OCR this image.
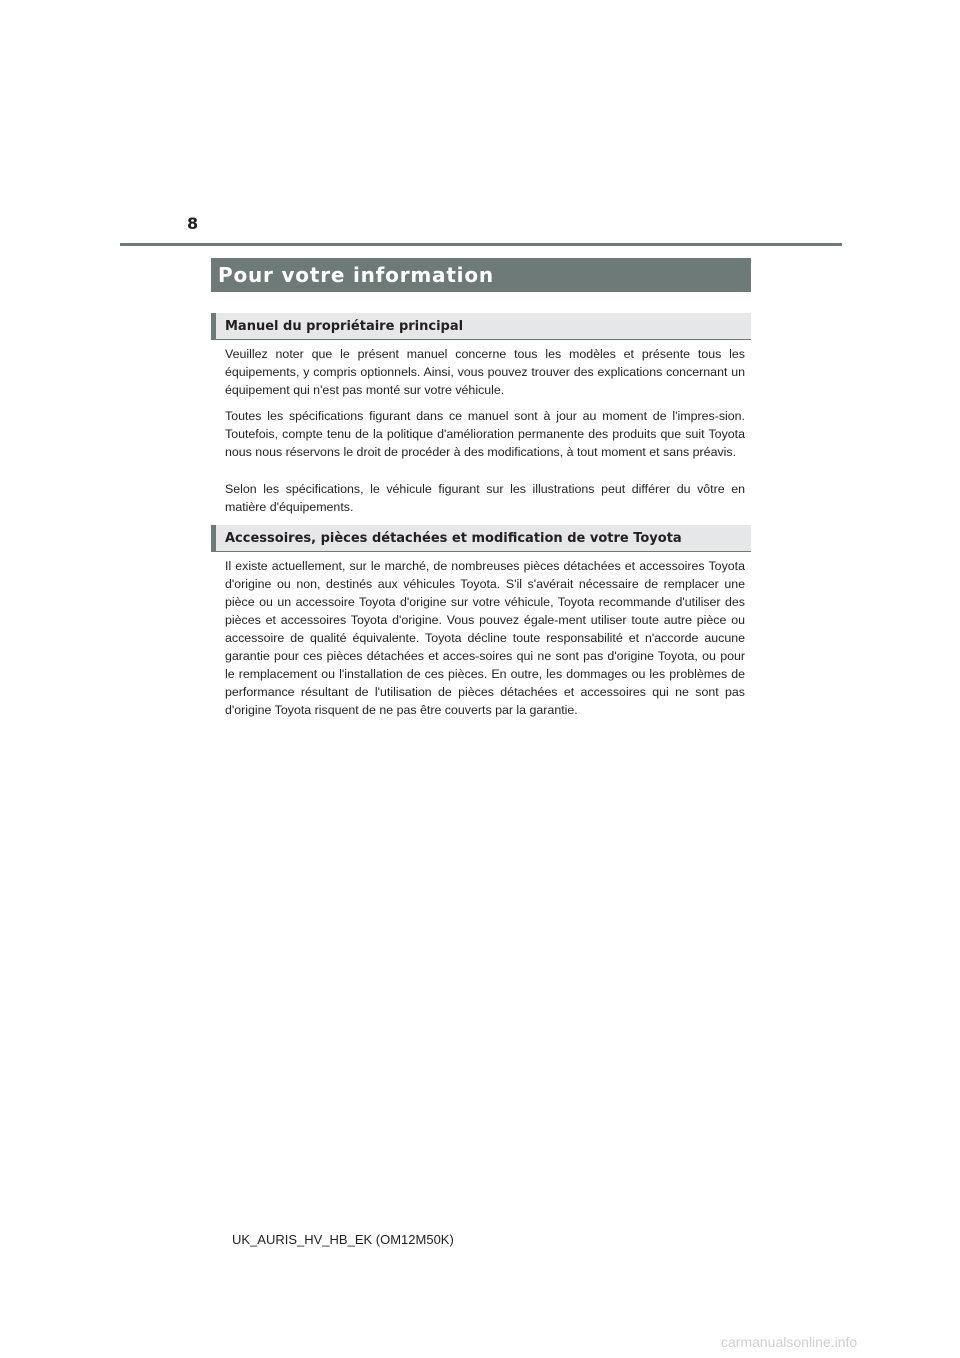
8
Pour votre information
Manuel du propriétaire principal

Veuillez noter que le présent manuel concerne tous les modèles et présente tous les équipements, y compris optionnels. Ainsi, vous pouvez trouver des explications concernant un équipement qui n'est pas monté sur votre véhicule.

Toutes les spécifications figurant dans ce manuel sont à jour au moment de l'impres-sion. Toutefois, compte tenu de la politique d'amélioration permanente des produits que suit Toyota nous nous réservons le droit de procéder à des modifications, à tout moment et sans préavis.

Selon les spécifications, le véhicule figurant sur les illustrations peut différer du vôtre en matière d'équipements.

Accessoires, pièces détachées et modification de votre Toyota

Il existe actuellement, sur le marché, de nombreuses pièces détachées et accessoires Toyota d'origine ou non, destinés aux véhicules Toyota. S'il s'avérait nécessaire de remplacer une pièce ou un accessoire Toyota d'origine sur votre véhicule, Toyota recommande d'utiliser des pièces et accessoires Toyota d'origine. Vous pouvez égale-ment utiliser toute autre pièce ou accessoire de qualité équivalente. Toyota décline toute responsabilité et n'accorde aucune garantie pour ces pièces détachées et acces-soires qui ne sont pas d'origine Toyota, ou pour le remplacement ou l'installation de ces pièces. En outre, les dommages ou les problèmes de performance résultant de l'utilisation de pièces détachées et accessoires qui ne sont pas d'origine Toyota risquent de ne pas être couverts par la garantie.

UK_AURIS_HV_HB_EK (OM12M50K)
carmanualsonline.info
